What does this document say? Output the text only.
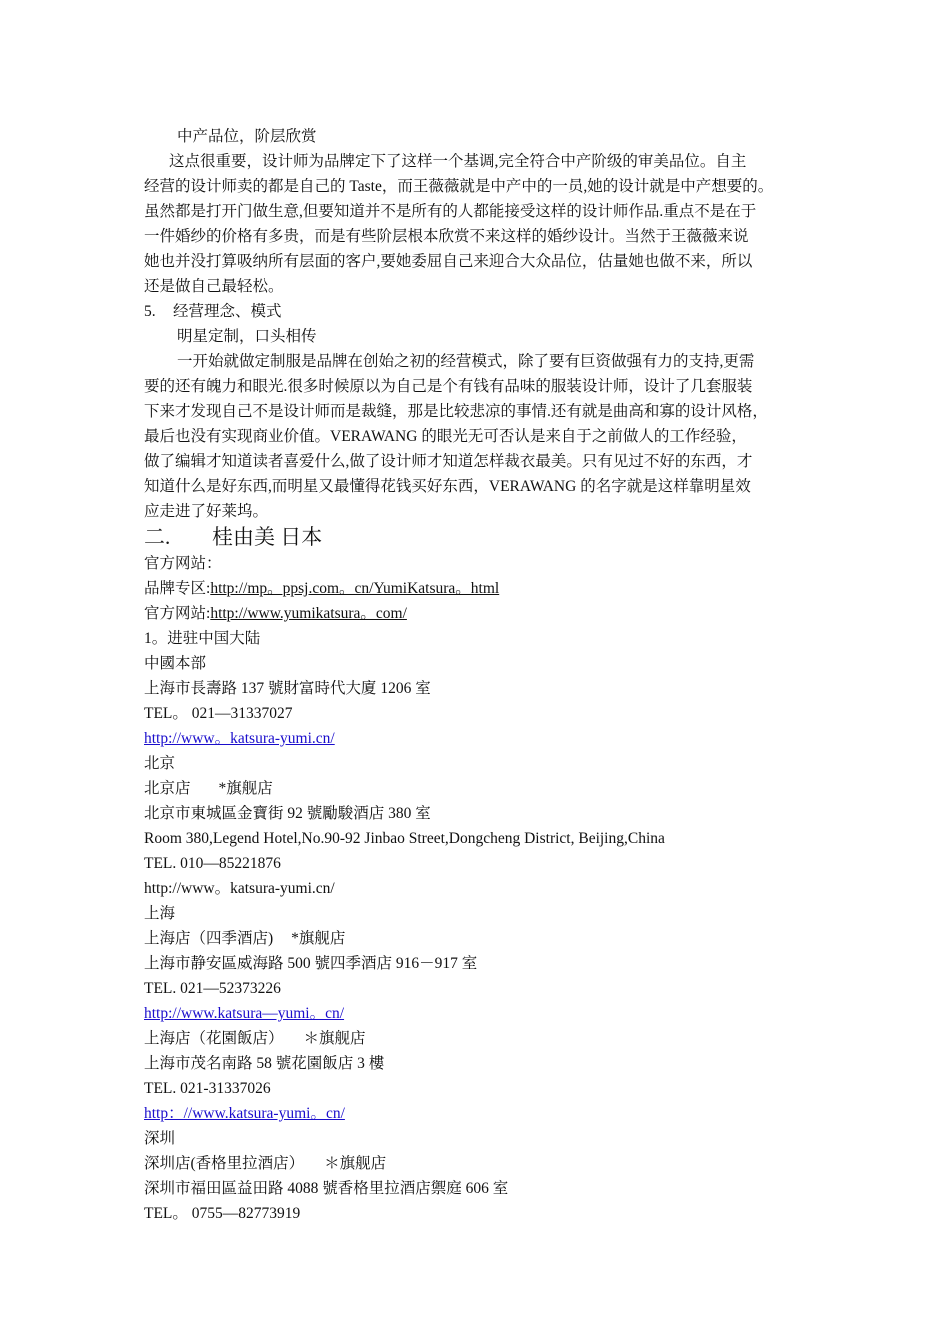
中产品位，阶层欣赏
这点很重要，设计师为品牌定下了这样一个基调,完全符合中产阶级的审美品位。自主
经营的设计师卖的都是自己的 Taste，而王薇薇就是中产中的一员,她的设计就是中产想要的。
虽然都是打开门做生意,但要知道并不是所有的人都能接受这样的设计师作品.重点不是在于
一件婚纱的价格有多贵，而是有些阶层根本欣赏不来这样的婚纱设计。当然于王薇薇来说
她也并没打算吸纳所有层面的客户,要她委屈自己来迎合大众品位，估量她也做不来，所以
还是做自己最轻松。
5. 经营理念、模式
明星定制，口头相传
一开始就做定制服是品牌在创始之初的经营模式，除了要有巨资做强有力的支持,更需
要的还有魄力和眼光.很多时候原以为自己是个有钱有品味的服装设计师，设计了几套服装
下来才发现自己不是设计师而是裁缝，那是比较悲凉的事情.还有就是曲高和寡的设计风格，
最后也没有实现商业价值。VERAWANG 的眼光无可否认是来自于之前做人的工作经验，
做了编辑才知道读者喜爱什么,做了设计师才知道怎样裁衣最美。只有见过不好的东西，才
知道什么是好东西,而明星又最懂得花钱买好东西，VERAWANG 的名字就是这样靠明星效
应走进了好莱坞。
二. 桂由美 日本
官方网站：
品牌专区:http://mp。ppsj.com。cn/YumiKatsura。html
官方网站:http://www.yumikatsura。com/
1。进驻中国大陆
中國本部
上海市長壽路 137 號財富時代大廈 1206 室
TEL。 021—31337027
http://www。katsura-yumi.cn/
北京
北京店 *旗舰店
北京市東城區金寶街 92 號勵駿酒店 380 室
Room 380,Legend Hotel,No.90-92 Jinbao Street,Dongcheng District, Beijing,China
TEL. 010—85221876
http://www。katsura-yumi.cn/
上海
上海店（四季酒店) *旗舰店
上海市静安區威海路 500 號四季酒店 916－917 室
TEL. 021—52373226
http://www.katsura—yumi。cn/
上海店（花園飯店） ＊旗舰店
上海市茂名南路 58 號花園飯店 3 樓
TEL. 021-31337026
http：//www.katsura-yumi。cn/
深圳
深圳店(香格里拉酒店） ＊旗舰店
深圳市福田區益田路 4088 號香格里拉酒店禦庭 606 室
TEL。 0755—82773919
